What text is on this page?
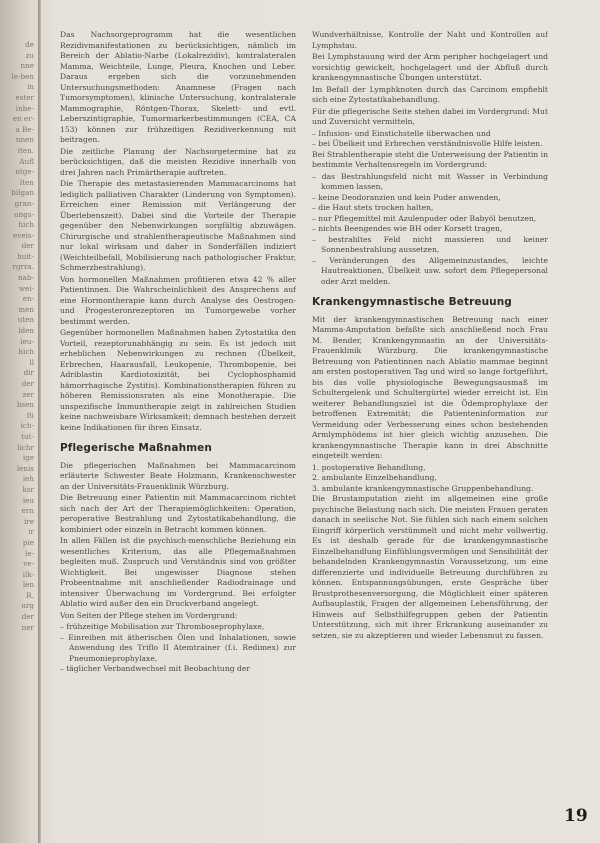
de
zu
nne
le-ben
in
ester
inbe-
en er-
a Be-
nnen
iten.
Aufl
ntge-
lten
bilgan
gran-
ungs-
hich
eveis-
der
huit-
rgrra.
nab-
wei-
en-
men
uten
lden
ieu-
hich
ll
dir
der
zer
bsen
fü
ich-
tut-
lichr
ige
lenis
ieh
ksr
ieu
ern
ire
ir
pie
le-
ve-
ilk-
len
R.
urg
der
ner

Das Nachsorgeprogramm hat die wesentlichen Rezidivmanifestationen zu berücksichtigen, nämlich im Bereich der Ablatio-Narbe (Lokalrezidiv), kontralateralen Mamma, Weichteile, Lunge, Pleura, Knochen und Leber. Daraus ergeben sich die vorzunehmenden Untersuchungsmethoden: Anamnese (Fragen nach Tumorsymptomen), klinische Untersuchung, kontralaterale Mammographie, Röntgen-Thorax, Skelett- und evtl. Leberszintigraphie, Tumormarkerbestimmungen (CEA, CA 153) können zur frühzeitigen Rezidiverkennung mit beitragen.

Die zeitliche Planung der Nachsorgetermine hat zu berücksichtigen, daß die meisten Rezidive innerhalb von drei Jahren nach Primärtherapie auftreten.

Die Therapie des metastasierenden Mammacarcinoms hat lediglich palliativen Charakter (Linderung von Symptomen). Erreichen einer Remission mit Verlängerung der Überlebenszeit). Dabei sind die Vorteile der Therapie gegenüber den Nebenwirkungen sorgfältig abzuwägen. Chirurgische und strahlentherapeutische Maßnahmen sind nur lokal wirksam und daher in Sonderfällen indiziert (Weichteilbefall, Mobilisierung nach pathologischer Fraktur, Schmerzbestrahlung).

Von hormonellen Maßnahmen profitieren etwa 42 % aller Patientinnen. Die Wahrscheinlichkeit des Ansprechens auf eine Hormontherapie kann durch Analyse des Oestrogen- und Progesteronrezeptoren im Tumorgewebe vorher bestimmt werden.

Gegenüber hormonellen Maßnahmen haben Zytostatika den Vorteil, rezeptorunabhängig zu sein. Es ist jedoch mit erheblichen Nebenwirkungen zu rechnen (Übelkeit, Erbrechen, Haarausfall, Leukopenie, Thrombopenie, bei Adriblastin Kardiotoxizität, bei Cyclophosphamid hämorrhagische Zystitis). Kombinationstherapien führen zu höheren Remissionsraten als eine Monotherapie. Die unspezifische Immuntherapie zeigt in zahlreichen Studien keine nachweisbare Wirksamkeit; demnach bestehen derzeit keine Indikationen für ihren Einsatz.

Pflegerische Maßnahmen

Die pflegerischen Maßnahmen bei Mammacarcinom erläuterte Schwester Beate Holzmann, Krankenschwester an der Universitäts-Frauenklinik Würzburg.

Die Betreuung einer Patientin mit Mammacarcinom richtet sich nach der Art der Therapiemöglichkeiten: Operation, peroperative Bestrahlung und Zytostatikabehandlung, die kombiniert oder einzeln in Betracht kommen können.

In allen Fällen ist die psychisch-menschliche Beziehung ein wesentliches Kriterium, das alle Pflegemaßnahmen begleiten muß. Zuspruch und Verständnis sind von größter Wichtigkeit. Bei ungewisser Diagnose stehen Probeentnahme mit anschließender Radiodrainage und intensiver Überwachung im Vordergrund. Bei erfolgter Ablatio wird außer den ein Druckverband angelegt.

Von Seiten der Pflege stehen im Vordergrund:

– frühzeitige Mobilisation zur Thromboseprophylaxe,
– Einreiben mit ätherischen Ölen und Inhalationen, sowie Anwendung des Triflo II Atemtrainer (f.i. Redimex) zur Pneumonieprophylaxe,
– täglicher Verbandwechsel mit Beobachtung der

Wundverhältnisse, Kontrolle der Naht und Kontrollen auf Lymphstau.

Bei Lymphstauung wird der Arm peripher hochgelagert und vorsichtig gewickelt, hochgelagert und der Abfluß durch krankengymnastische Übungen unterstützt.

Im Befall der Lymphknoten durch das Carcinom empfiehlt sich eine Zytostatikabehandlung.

Für die pflegerische Seite stehen dabei im Vordergrund: Mut und Zuversicht vermitteln,

– Infusion- und Einstichstelle überwachen und
– bei Übelkeit und Erbrechen verständnisvolle Hilfe leisten.

Bei Strahlentherapie steht die Unterweisung der Patientin in bestimmte Verhaltensregeln im Vordergrund:

– das Bestrahlungsfeld nicht mit Wasser in Verbindung kommen lassen,
– keine Deodoranzien und kein Puder anwenden,
– die Haut stets trocken halten,
– nur Pflegemittel mit Azulenpuder oder Babyöl benutzen,
– nichts Beengendes wie BH oder Korsett tragen,
– bestrahltes Feld nicht massieren und keiner Sonnenbestrahlung aussetzen,
– Veränderungen des Allgemeinzustandes, leichte Hautreaktionen, Übelkeit usw. sofort dem Pflegepersonal oder Arzt melden.
Krankengymnastische Betreuung

Mit der krankengymnastischen Betreuung nach einer Mamma-Amputation befaßte sich anschließend noch Frau M. Bender, Krankengymnastin an der Universitäts-Frauenklinik Würzburg. Die krankengymnastische Betreuung von Patientinnen nach Ablatio mammae beginnt am ersten postoperativen Tag und wird so lange fortgeführt, bis das volle physiologische Bewegungsausmaß im Schultergelenk und Schultergürtel wieder erreicht ist. Ein weiterer Behandlungsziel ist die Ödemprophylaxe der betroffenen Extremität; die Patienteninformation zur Vermeidung oder Verbesserung eines schon bestehenden Armlymphödems ist hier gleich wichtig anzusehen. Die krankengymnastische Therapie kann in drei Abschnitte eingeteilt werden:

1. postoperative Behandlung,
2. ambulante Einzelbehandlung,
3. ambulante krankengymnastische Gruppenbehandlung.

Die Brustamputation zieht im allgemeinen eine große psychische Belastung nach sich. Die meisten Frauen geraten danach in seelische Not. Sie fühlen sich nach einem solchen Eingriff körperlich verstümmelt und nicht mehr vollwertig. Es ist deshalb gerade für die krankengymnastische Einzelbehandlung Einfühlungsvermögen und Sensibilität der behandelnden Krankengymnastin Voraussetzung, um eine differenzierte und individuelle Betreuung durchführen zu können. Entspannungsübungen, erste Gespräche über Brustprothesenversorgung, die Möglichkeit einer späteren Aufbauplastik, Fragen der allgemeinen Lebensführung, der Hinweis auf Selbsthilfegruppen geben der Patientin Unterstützung, sich mit ihrer Erkrankung auseinander zu setzen, sie zu akzeptieren und wieder Lebensmut zu fassen.

19
